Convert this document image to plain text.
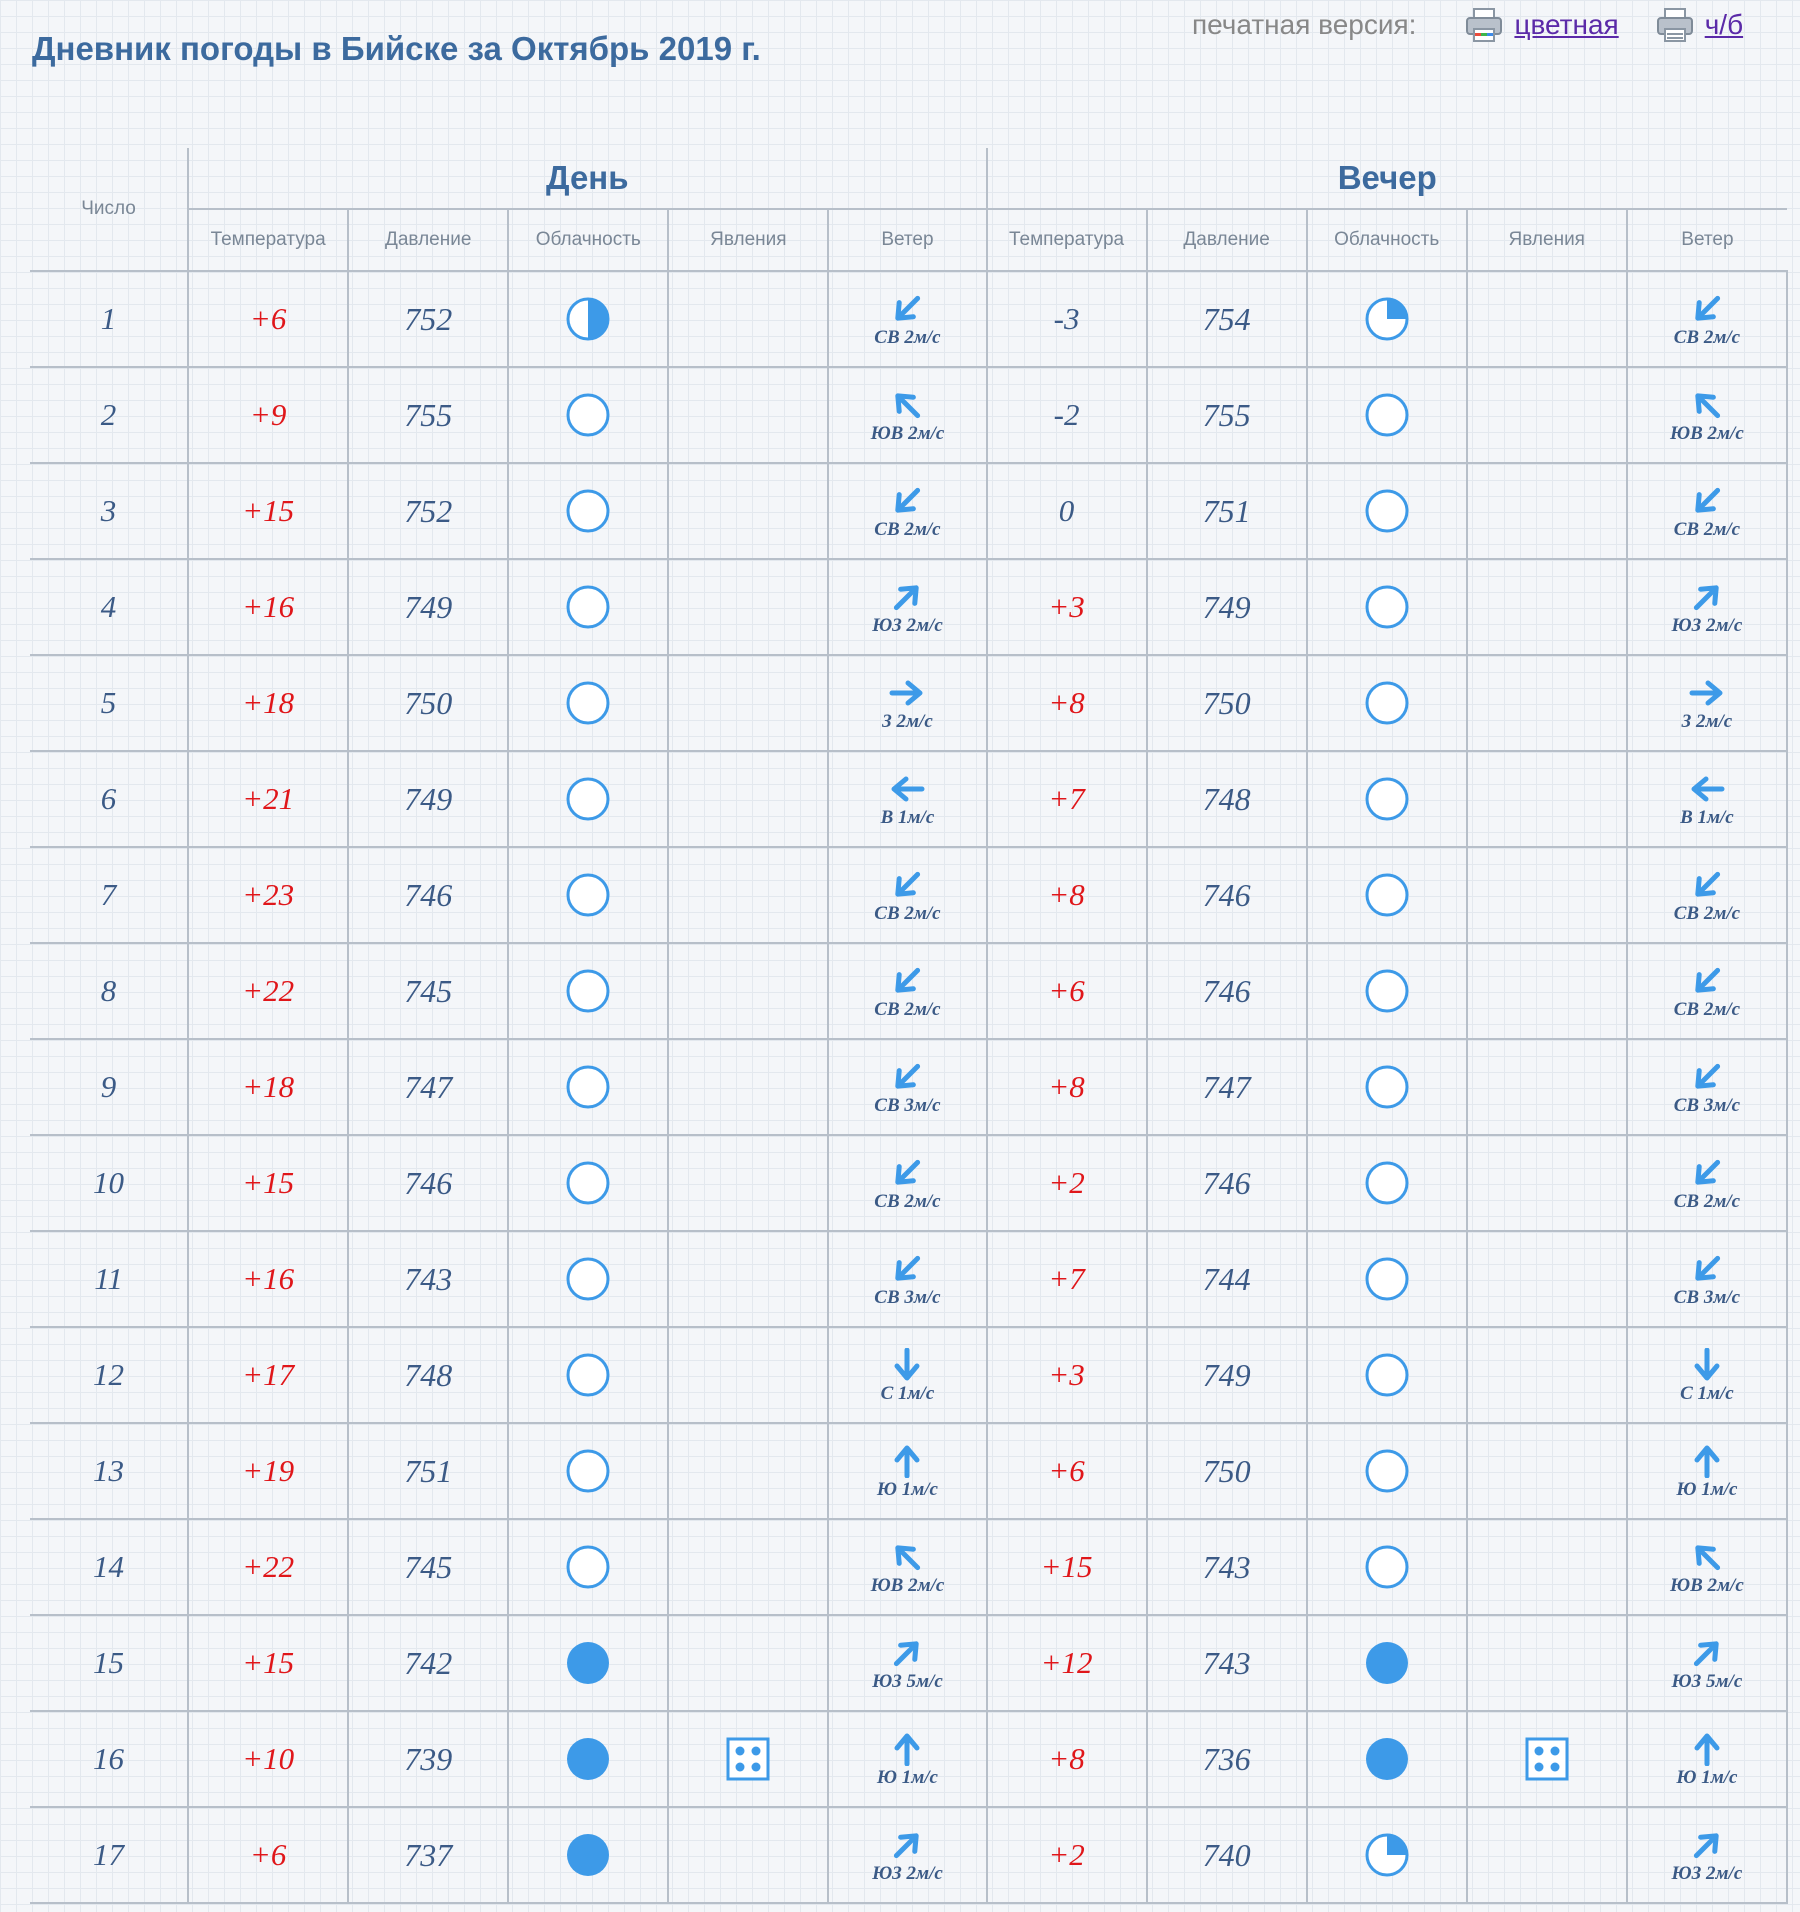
Дневник погоды в Бийске за Октябрь 2019 г.
печатная версия:	цветная	ч/б
Число	День					Вечер				
	Температура	Давление	Облачность	Явления	Ветер	Температура	Давление	Облачность	Явления	Ветер
1	+6	752			СВ 2м/с	-3	754			СВ 2м/с

2	+9	755			ЮВ 2м/с	-2	755			ЮВ 2м/с

3	+15	752			СВ 2м/с	0	751			СВ 2м/с

4	+16	749			ЮЗ 2м/с	+3	749			ЮЗ 2м/с

5	+18	750			З 2м/с	+8	750			З 2м/с

6	+21	749			В 1м/с	+7	748			В 1м/с

7	+23	746			СВ 2м/с	+8	746			СВ 2м/с

8	+22	745			СВ 2м/с	+6	746			СВ 2м/с

9	+18	747			СВ 3м/с	+8	747			СВ 3м/с

10	+15	746			СВ 2м/с	+2	746			СВ 2м/с

11	+16	743			СВ 3м/с	+7	744			СВ 3м/с

12	+17	748			С 1м/с	+3	749			С 1м/с

13	+19	751			Ю 1м/с	+6	750			Ю 1м/с

14	+22	745			ЮВ 2м/с	+15	743			ЮВ 2м/с

15	+15	742			ЮЗ 5м/с	+12	743			ЮЗ 5м/с

16	+10	739			Ю 1м/с	+8	736			Ю 1м/с

17	+6	737			ЮЗ 2м/с	+2	740			ЮЗ 2м/с
